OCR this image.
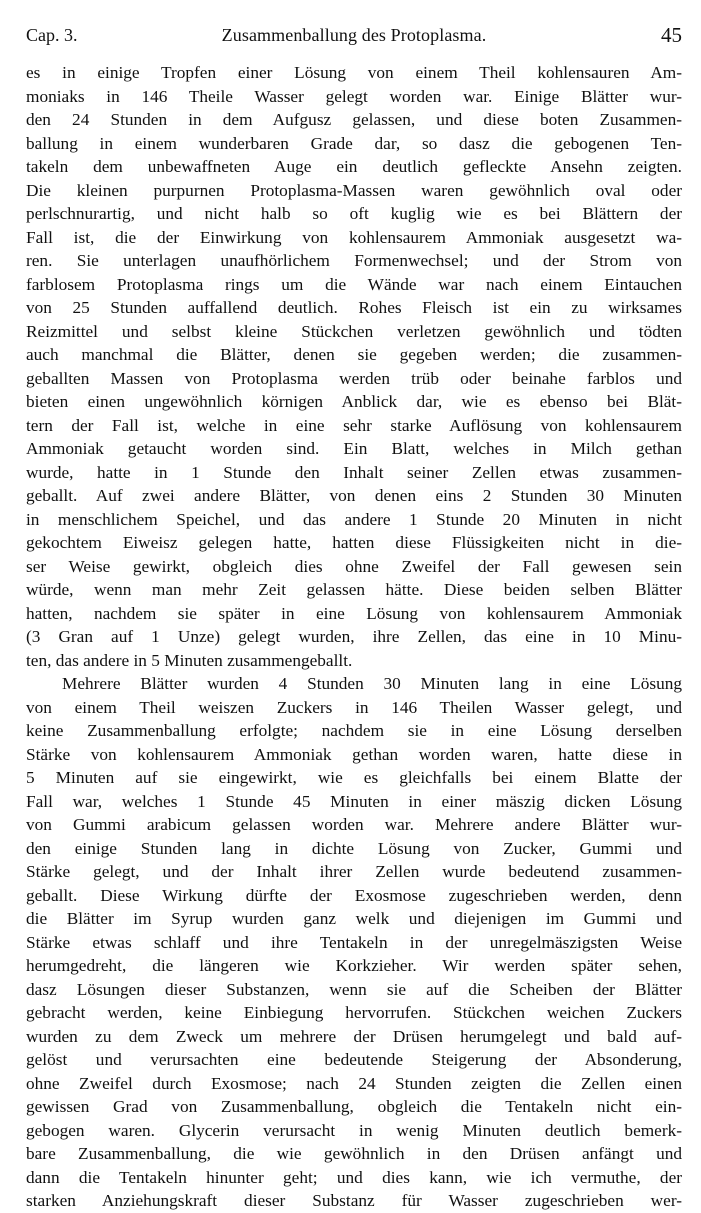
Cap. 3.	Zusammenballung des Protoplasma.	45
es in einige Tropfen einer Lösung von einem Theil kohlensauren Am-
moniaks in 146 Theile Wasser gelegt worden war. Einige Blätter wur-
den 24 Stunden in dem Aufgusz gelassen, und diese boten Zusammen-
ballung in einem wunderbaren Grade dar, so dasz die gebogenen Ten-
takeln dem unbewaffneten Auge ein deutlich gefleckte Ansehn zeigten.
Die kleinen purpurnen Protoplasma-Massen waren gewöhnlich oval oder
perlschnurartig, und nicht halb so oft kuglig wie es bei Blättern der
Fall ist, die der Einwirkung von kohlensaurem Ammoniak ausgesetzt wa-
ren. Sie unterlagen unaufhörlichem Formenwechsel; und der Strom von
farblosem Protoplasma rings um die Wände war nach einem Eintauchen
von 25 Stunden auffallend deutlich. Rohes Fleisch ist ein zu wirksames
Reizmittel und selbst kleine Stückchen verletzen gewöhnlich und tödten
auch manchmal die Blätter, denen sie gegeben werden; die zusammen-
geballten Massen von Protoplasma werden trüb oder beinahe farblos und
bieten einen ungewöhnlich körnigen Anblick dar, wie es ebenso bei Blät-
tern der Fall ist, welche in eine sehr starke Auflösung von kohlensaurem
Ammoniak getaucht worden sind. Ein Blatt, welches in Milch gethan
wurde, hatte in 1 Stunde den Inhalt seiner Zellen etwas zusammen-
geballt. Auf zwei andere Blätter, von denen eins 2 Stunden 30 Minuten
in menschlichem Speichel, und das andere 1 Stunde 20 Minuten in nicht
gekochtem Eiweisz gelegen hatte, hatten diese Flüssigkeiten nicht in die-
ser Weise gewirkt, obgleich dies ohne Zweifel der Fall gewesen sein
würde, wenn man mehr Zeit gelassen hätte. Diese beiden selben Blätter
hatten, nachdem sie später in eine Lösung von kohlensaurem Ammoniak
(3 Gran auf 1 Unze) gelegt wurden, ihre Zellen, das eine in 10 Minu-
ten, das andere in 5 Minuten zusammengeballt.
Mehrere Blätter wurden 4 Stunden 30 Minuten lang in eine Lösung
von einem Theil weiszen Zuckers in 146 Theilen Wasser gelegt, und
keine Zusammenballung erfolgte; nachdem sie in eine Lösung derselben
Stärke von kohlensaurem Ammoniak gethan worden waren, hatte diese in
5 Minuten auf sie eingewirkt, wie es gleichfalls bei einem Blatte der
Fall war, welches 1 Stunde 45 Minuten in einer mäszig dicken Lösung
von Gummi arabicum gelassen worden war. Mehrere andere Blätter wur-
den einige Stunden lang in dichte Lösung von Zucker, Gummi und
Stärke gelegt, und der Inhalt ihrer Zellen wurde bedeutend zusammen-
geballt. Diese Wirkung dürfte der Exosmose zugeschrieben werden, denn
die Blätter im Syrup wurden ganz welk und diejenigen im Gummi und
Stärke etwas schlaff und ihre Tentakeln in der unregelmäszigsten Weise
herumgedreht, die längeren wie Korkzieher. Wir werden später sehen,
dasz Lösungen dieser Substanzen, wenn sie auf die Scheiben der Blätter
gebracht werden, keine Einbiegung hervorrufen. Stückchen weichen Zuckers
wurden zu dem Zweck um mehrere der Drüsen herumgelegt und bald auf-
gelöst und verursachten eine bedeutende Steigerung der Absonderung,
ohne Zweifel durch Exosmose; nach 24 Stunden zeigten die Zellen einen
gewissen Grad von Zusammenballung, obgleich die Tentakeln nicht ein-
gebogen waren. Glycerin verursacht in wenig Minuten deutlich bemerk-
bare Zusammenballung, die wie gewöhnlich in den Drüsen anfängt und
dann die Tentakeln hinunter geht; und dies kann, wie ich vermuthe, der
starken Anziehungskraft dieser Substanz für Wasser zugeschrieben wer-
